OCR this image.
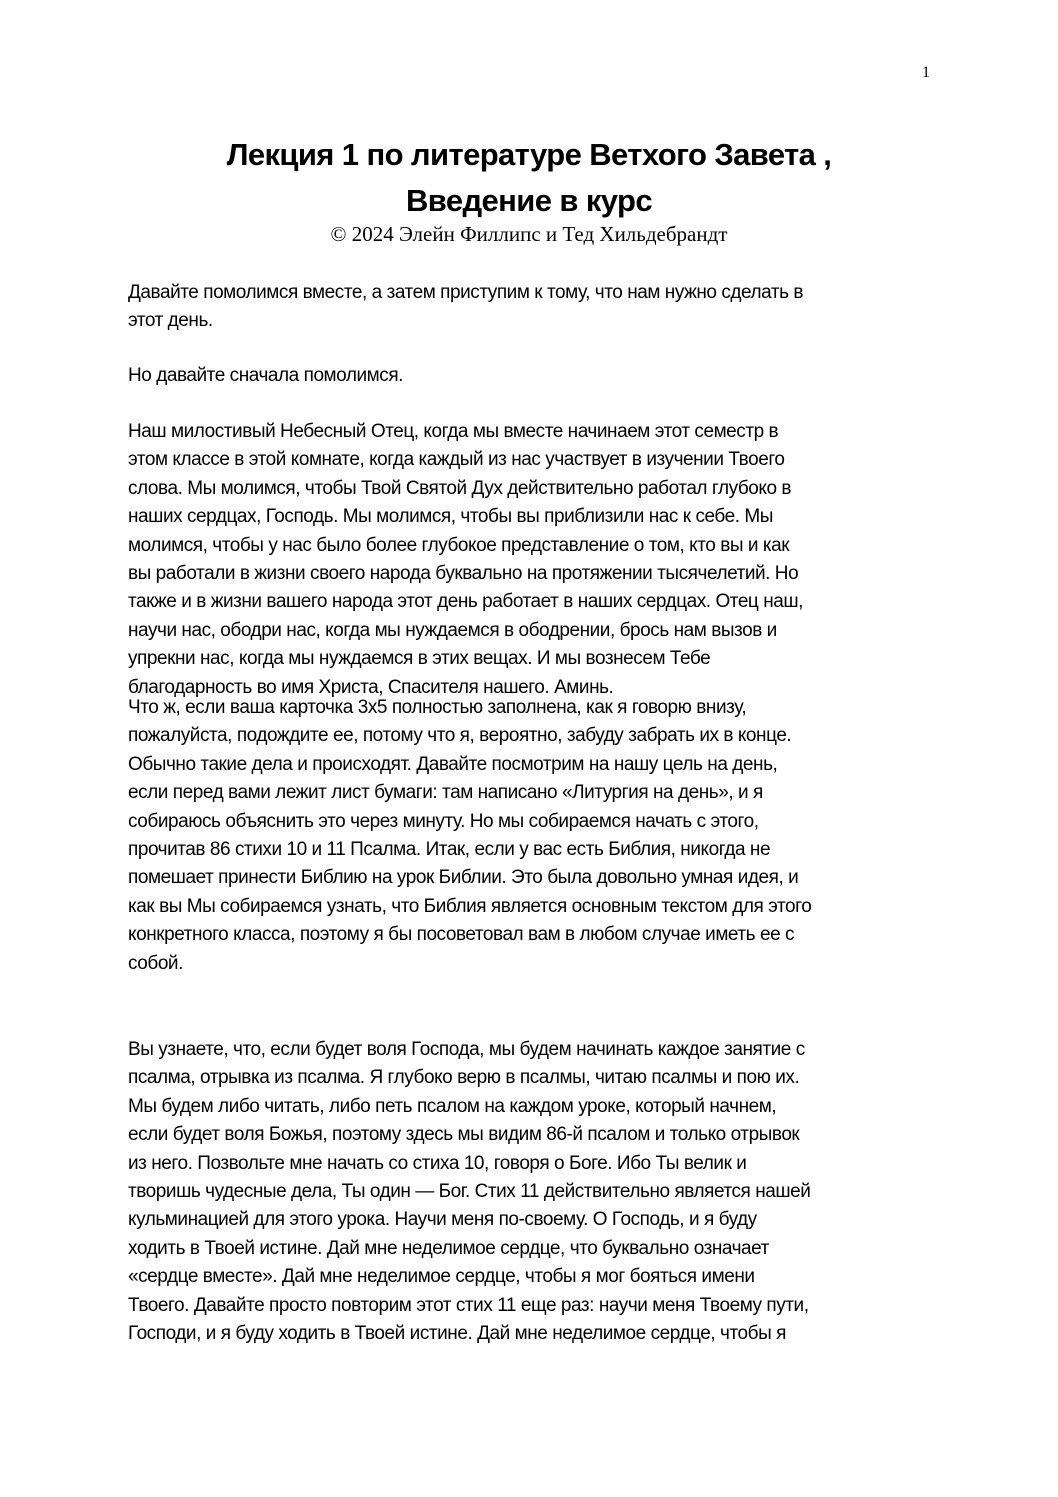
1
Лекция 1 по литературе Ветхого Завета ,
Введение в курс
© 2024 Элейн Филлипс и Тед Хильдебрандт
Давайте помолимся вместе, а затем приступим к тому, что нам нужно сделать в
этот день.
Но давайте сначала помолимся.
Наш милостивый Небесный Отец, когда мы вместе начинаем этот семестр в
этом классе в этой комнате, когда каждый из нас участвует в изучении Твоего
слова. Мы молимся, чтобы Твой Святой Дух действительно работал глубоко в
наших сердцах, Господь. Мы молимся, чтобы вы приблизили нас к себе. Мы
молимся, чтобы у нас было более глубокое представление о том, кто вы и как
вы работали в жизни своего народа буквально на протяжении тысячелетий. Но
также и в жизни вашего народа этот день работает в наших сердцах. Отец наш,
научи нас, ободри нас, когда мы нуждаемся в ободрении, брось нам вызов и
упрекни нас, когда мы нуждаемся в этих вещах. И мы вознесем Тебе
благодарность во имя Христа, Спасителя нашего. Аминь.
Что ж, если ваша карточка 3x5 полностью заполнена, как я говорю внизу,
пожалуйста, подождите ее, потому что я, вероятно, забуду забрать их в конце.
Обычно такие дела и происходят. Давайте посмотрим на нашу цель на день,
если перед вами лежит лист бумаги: там написано «Литургия на день», и я
собираюсь объяснить это через минуту. Но мы собираемся начать с этого,
прочитав 86 стихи 10 и 11 Псалма. Итак, если у вас есть Библия, никогда не
помешает принести Библию на урок Библии. Это была довольно умная идея, и
как вы Мы собираемся узнать, что Библия является основным текстом для этого
конкретного класса, поэтому я бы посоветовал вам в любом случае иметь ее с
собой.
Вы узнаете, что, если будет воля Господа, мы будем начинать каждое занятие с
псалма, отрывка из псалма. Я глубоко верю в псалмы, читаю псалмы и пою их.
Мы будем либо читать, либо петь псалом на каждом уроке, который начнем,
если будет воля Божья, поэтому здесь мы видим 86-й псалом и только отрывок
из него. Позвольте мне начать со стиха 10, говоря о Боге. Ибо Ты велик и
творишь чудесные дела, Ты один — Бог. Стих 11 действительно является нашей
кульминацией для этого урока. Научи меня по-своему. О Господь, и я буду
ходить в Твоей истине. Дай мне неделимое сердце, что буквально означает
«сердце вместе». Дай мне неделимое сердце, чтобы я мог бояться имени
Твоего. Давайте просто повторим этот стих 11 еще раз: научи меня Твоему пути,
Господи, и я буду ходить в Твоей истине. Дай мне неделимое сердце, чтобы я
